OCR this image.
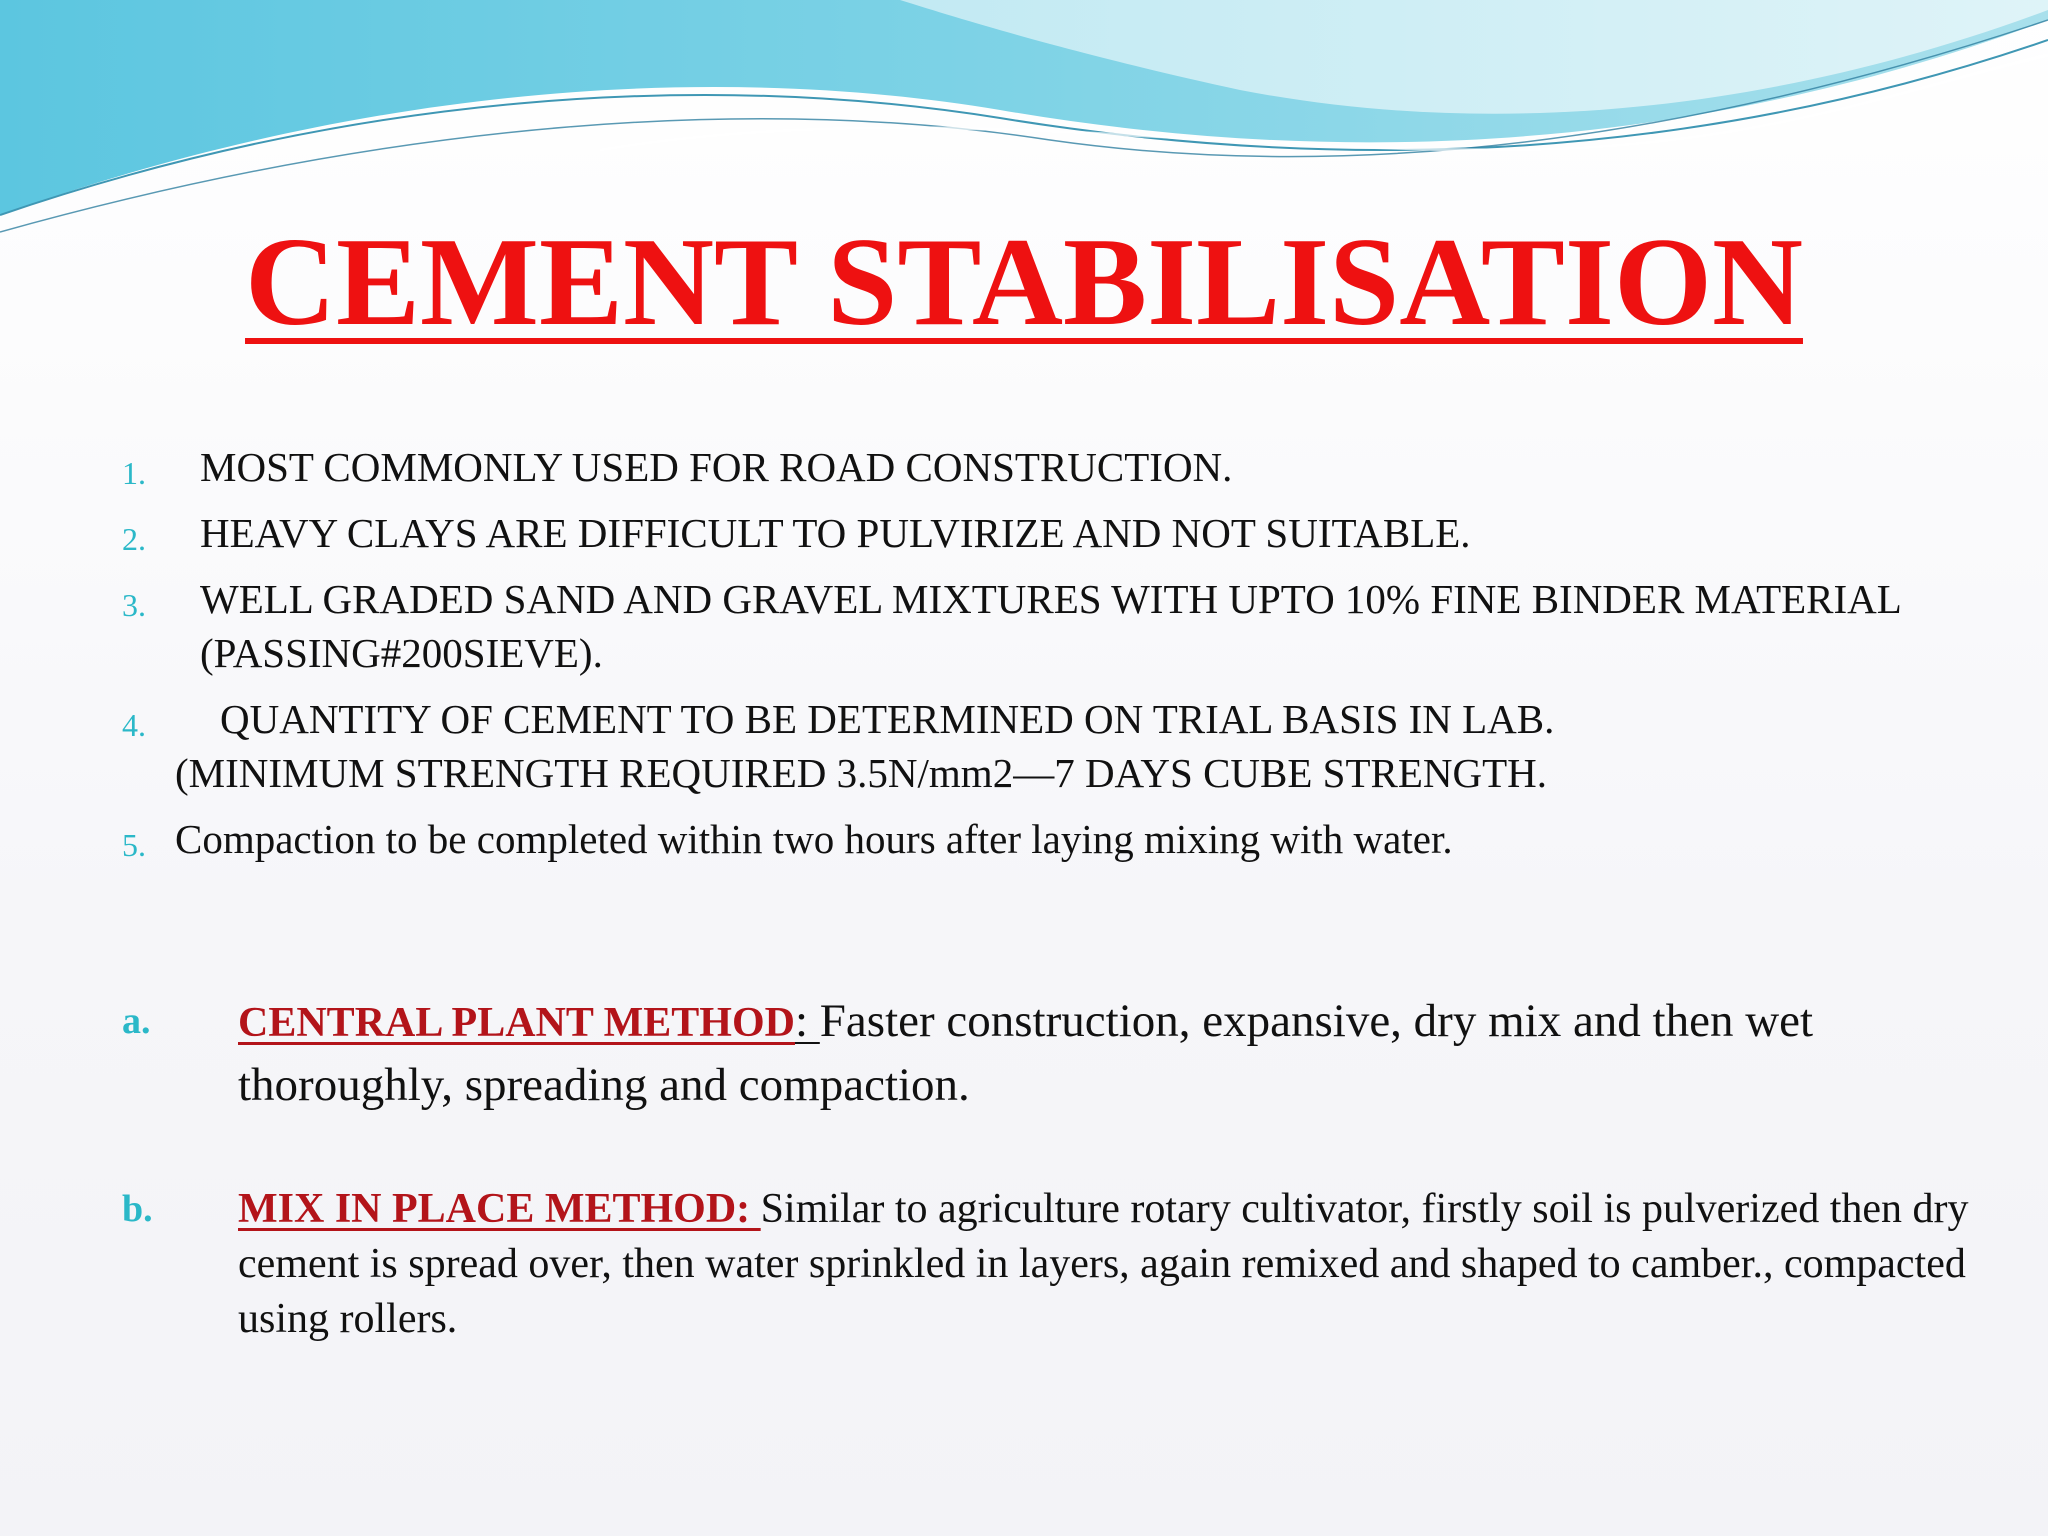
CEMENT STABILISATION
1.	MOST COMMONLY USED FOR ROAD CONSTRUCTION.
2.	HEAVY CLAYS ARE DIFFICULT TO PULVIRIZE AND NOT SUITABLE.
3.	WELL GRADED SAND AND GRAVEL MIXTURES WITH UPTO 10% FINE BINDER MATERIAL (PASSING#200SIEVE).
4.	QUANTITY OF CEMENT TO BE DETERMINED ON TRIAL BASIS IN LAB.
(MINIMUM STRENGTH REQUIRED 3.5N/mm2—7 DAYS CUBE STRENGTH.
5. Compaction to be completed within two hours after laying mixing with water.
a. CENTRAL PLANT METHOD: Faster construction, expansive, dry mix and then wet thoroughly, spreading and compaction.
b. MIX IN PLACE METHOD: Similar to agriculture rotary cultivator, firstly soil is pulverized then dry cement is spread over, then water sprinkled in layers, again remixed and shaped to camber., compacted using rollers.
